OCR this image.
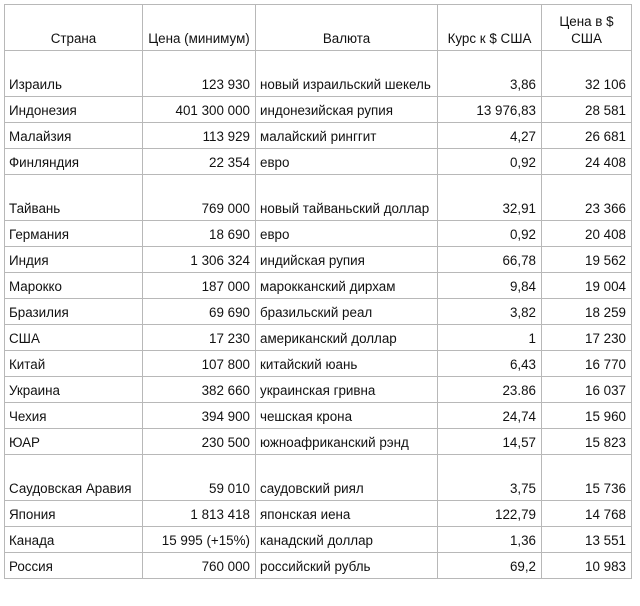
Страна	Цена (минимум)	Валюта	Курс к $ США	Цена в $ США
Израиль	123 930	новый израильский шекель	3,86	32 106
Индонезия	401 300 000	индонезийская рупия	13 976,83	28 581
Малайзия	113 929	малайский ринггит	4,27	26 681
Финляндия	22 354	евро	0,92	24 408
Тайвань	769 000	новый тайваньский доллар	32,91	23 366
Германия	18 690	евро	0,92	20 408
Индия	1 306 324	индийская рупия	66,78	19 562
Марокко	187 000	марокканский дирхам	9,84	19 004
Бразилия	69 690	бразильский реал	3,82	18 259
США	17 230	американский доллар	1	17 230
Китай	107 800	китайский юань	6,43	16 770
Украина	382 660	украинская гривна	23.86	16 037
Чехия	394 900	чешская крона	24,74	15 960
ЮАР	230 500	южноафриканский рэнд	14,57	15 823
Саудовская Аравия	59 010	саудовский риял	3,75	15 736
Япония	1 813 418	японская иена	122,79	14 768
Канада	15 995 (+15%)	канадский доллар	1,36	13 551
Россия	760 000	российский рубль	69,2	10 983
